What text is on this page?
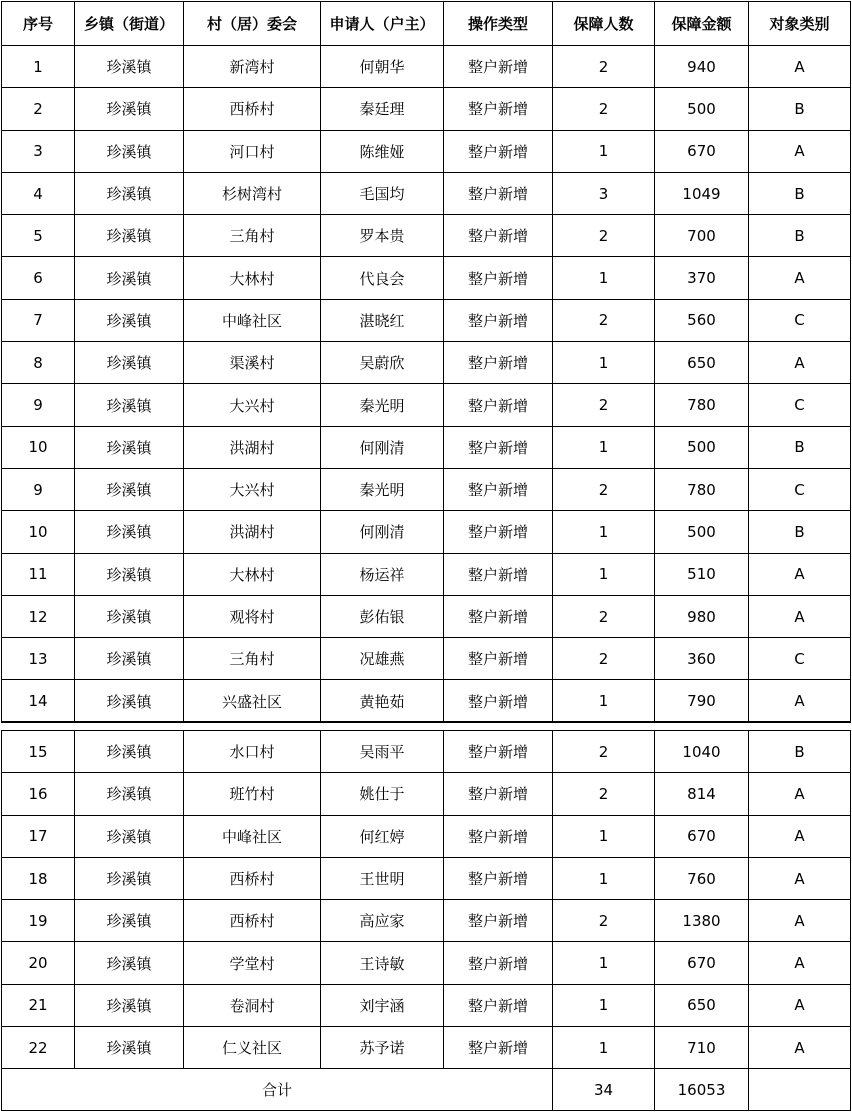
序号	乡镇（街道）	村（居）委会	申请人（户主）	操作类型	保障人数	保障金额	对象类别
1	珍溪镇	新湾村	何朝华	整户新增	2	940	A
2	珍溪镇	西桥村	秦廷理	整户新增	2	500	B
3	珍溪镇	河口村	陈维娅	整户新增	1	670	A
4	珍溪镇	杉树湾村	毛国均	整户新增	3	1049	B
5	珍溪镇	三角村	罗本贵	整户新增	2	700	B
6	珍溪镇	大林村	代良会	整户新增	1	370	A
7	珍溪镇	中峰社区	湛晓红	整户新增	2	560	C
8	珍溪镇	渠溪村	吴蔚欣	整户新增	1	650	A
9	珍溪镇	大兴村	秦光明	整户新增	2	780	C
10	珍溪镇	洪湖村	何刚清	整户新增	1	500	B
9	珍溪镇	大兴村	秦光明	整户新增	2	780	C
10	珍溪镇	洪湖村	何刚清	整户新增	1	500	B
11	珍溪镇	大林村	杨运祥	整户新增	1	510	A
12	珍溪镇	观将村	彭佑银	整户新增	2	980	A
13	珍溪镇	三角村	况雄燕	整户新增	2	360	C
14	珍溪镇	兴盛社区	黄艳茹	整户新增	1	790	A
15	珍溪镇	水口村	吴雨平	整户新增	2	1040	B
16	珍溪镇	班竹村	姚仕于	整户新增	2	814	A
17	珍溪镇	中峰社区	何红婷	整户新增	1	670	A
18	珍溪镇	西桥村	王世明	整户新增	1	760	A
19	珍溪镇	西桥村	高应家	整户新增	2	1380	A
20	珍溪镇	学堂村	王诗敏	整户新增	1	670	A
21	珍溪镇	卷洞村	刘宇涵	整户新增	1	650	A
22	珍溪镇	仁义社区	苏予诺	整户新增	1	710	A
合计					34	16053	
